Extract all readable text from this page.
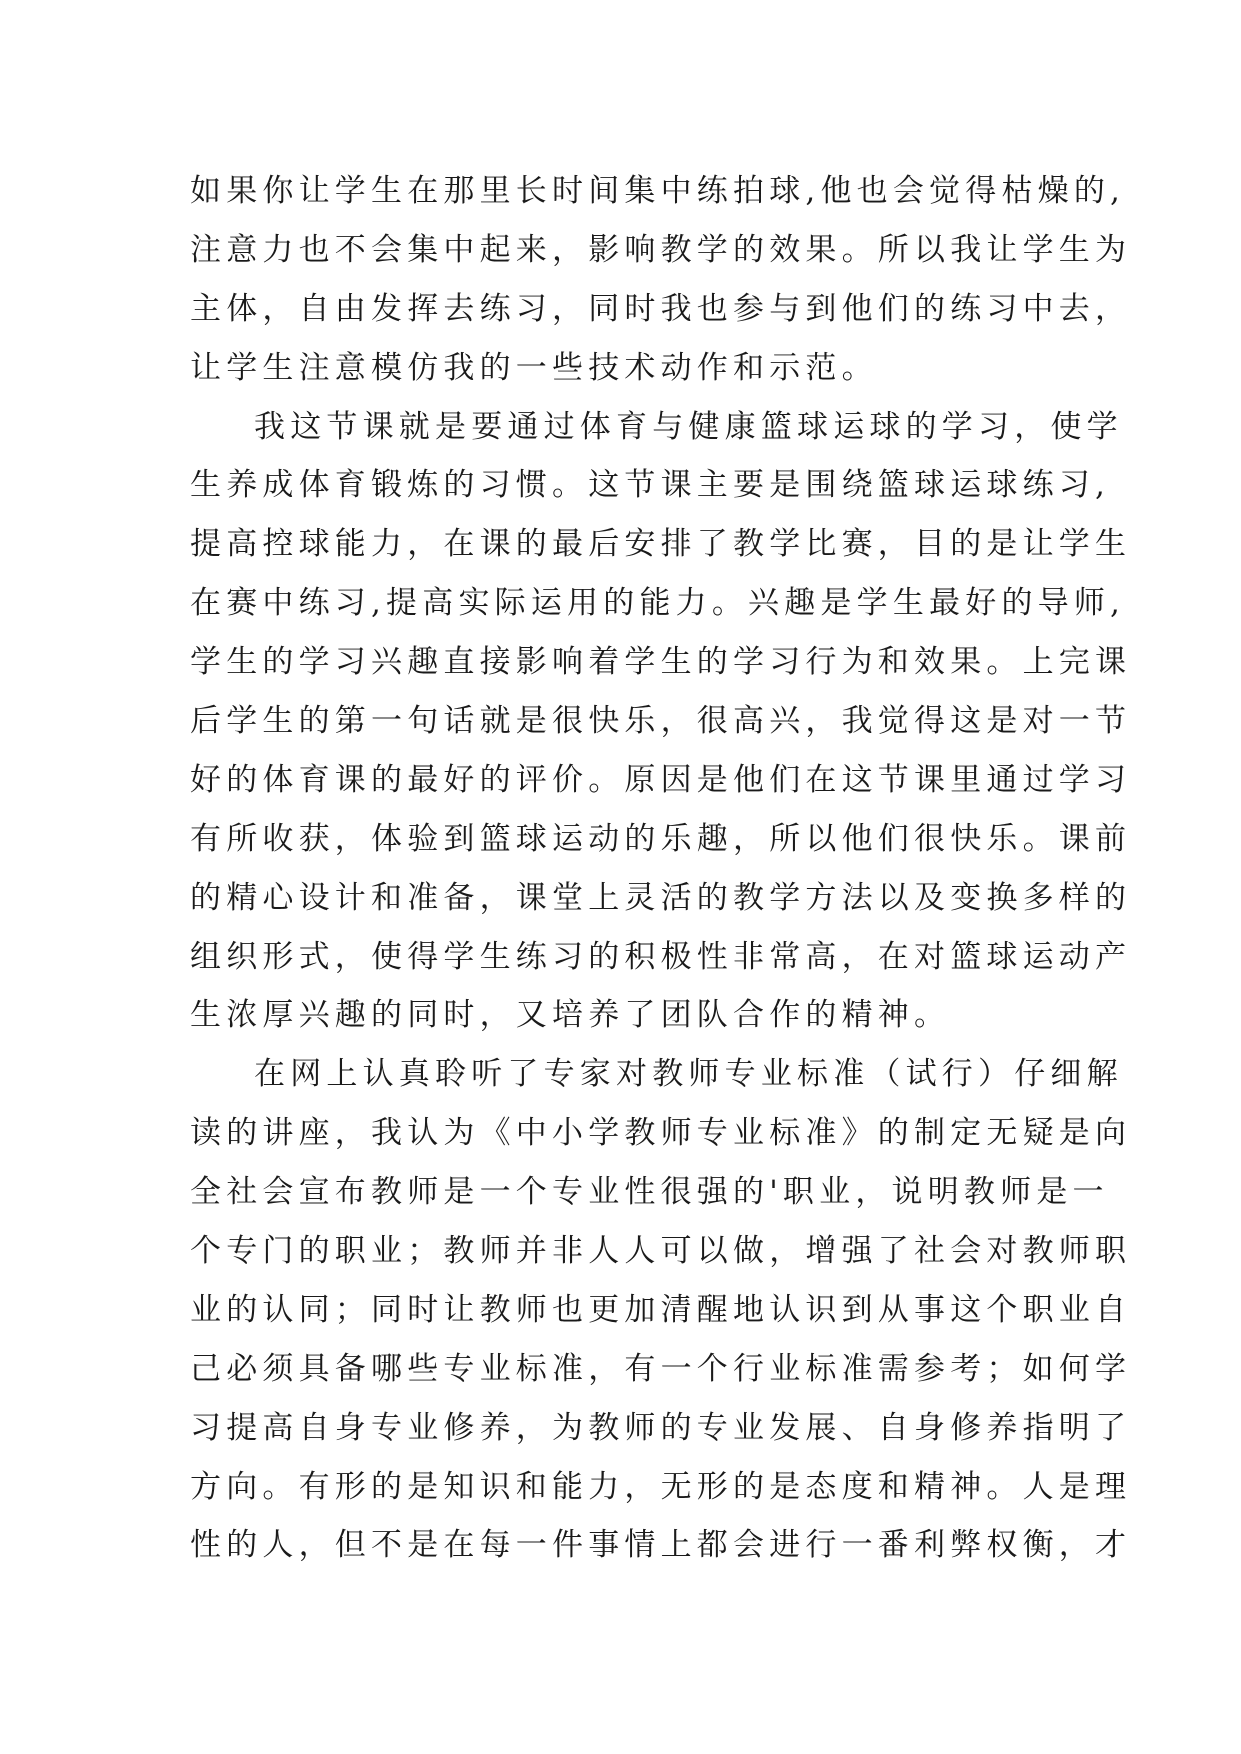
如果你让学生在那里长时间集中练拍球,他也会觉得枯燥的,
注意力也不会集中起来，影响教学的效果。所以我让学生为
主体，自由发挥去练习，同时我也参与到他们的练习中去，
让学生注意模仿我的一些技术动作和示范。
我这节课就是要通过体育与健康篮球运球的学习，使学
生养成体育锻炼的习惯。这节课主要是围绕篮球运球练习,
提高控球能力，在课的最后安排了教学比赛，目的是让学生
在赛中练习,提高实际运用的能力。兴趣是学生最好的导师,
学生的学习兴趣直接影响着学生的学习行为和效果。上完课
后学生的第一句话就是很快乐，很高兴，我觉得这是对一节
好的体育课的最好的评价。原因是他们在这节课里通过学习
有所收获，体验到篮球运动的乐趣，所以他们很快乐。课前
的精心设计和准备，课堂上灵活的教学方法以及变换多样的
组织形式，使得学生练习的积极性非常高，在对篮球运动产
生浓厚兴趣的同时，又培养了团队合作的精神。
在网上认真聆听了专家对教师专业标准（试行）仔细解
读的讲座，我认为《中小学教师专业标准》的制定无疑是向
全社会宣布教师是一个专业性很强的'职业，说明教师是一
个专门的职业；教师并非人人可以做，增强了社会对教师职
业的认同；同时让教师也更加清醒地认识到从事这个职业自
己必须具备哪些专业标准，有一个行业标准需参考；如何学
习提高自身专业修养，为教师的专业发展、自身修养指明了
方向。有形的是知识和能力，无形的是态度和精神。人是理
性的人，但不是在每一件事情上都会进行一番利弊权衡，才
